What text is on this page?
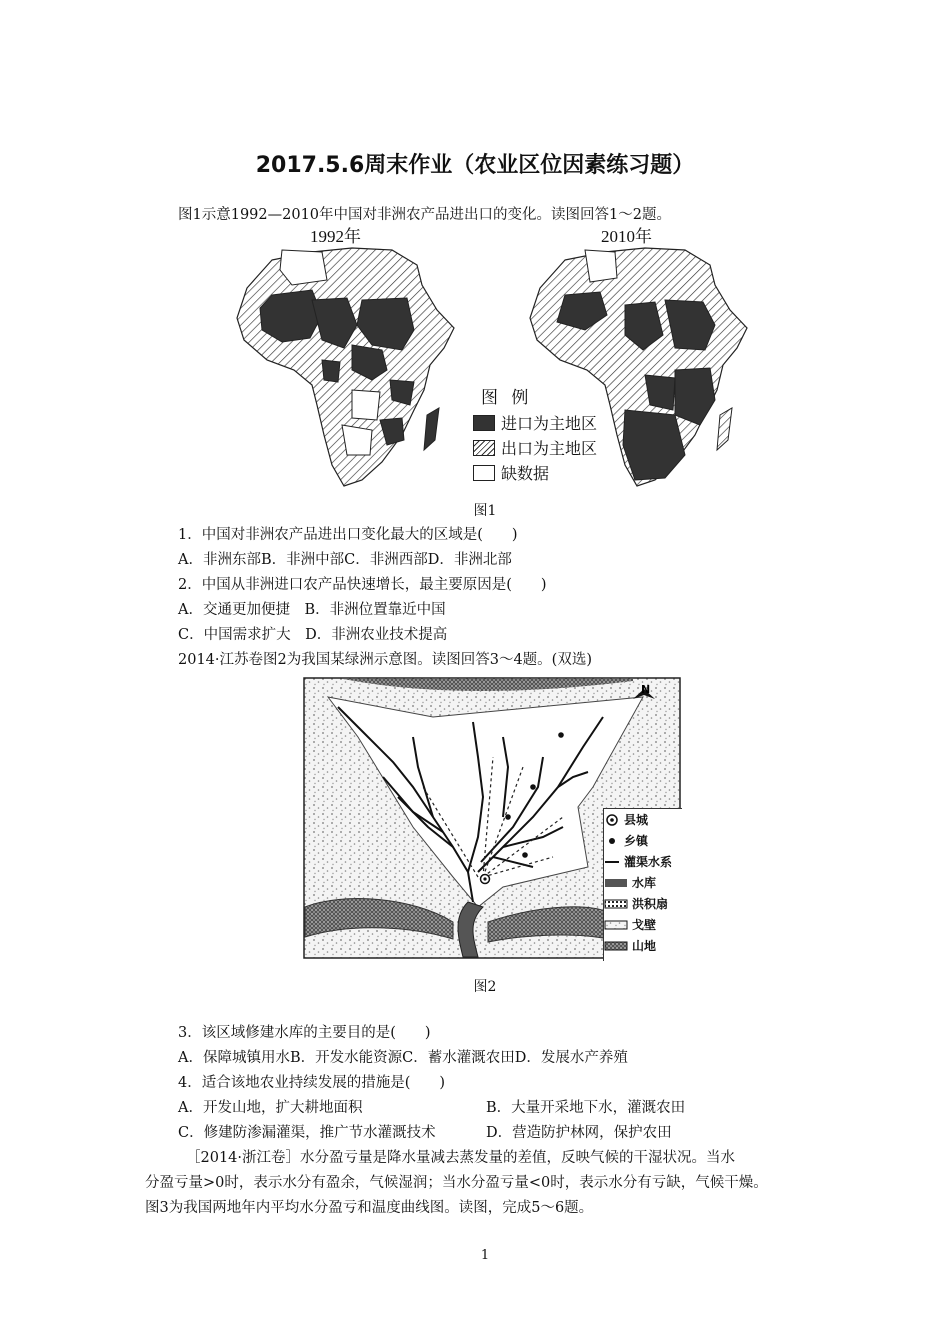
2017.5.6周末作业（农业区位因素练习题）
图1示意1992—2010年中国对非洲农产品进出口的变化。读图回答1～2题。
1992年	2010年
图 例
进口为主地区
出口为主地区
缺数据
图1
1．中国对非洲农产品进出口变化最大的区域是(　　)
A．非洲东部B．非洲中部C．非洲西部D．非洲北部
2．中国从非洲进口农产品快速增长，最主要原因是(　　)
A．交通更加便捷　B．非洲位置靠近中国
C．中国需求扩大　D．非洲农业技术提高
2014·江苏卷图2为我国某绿洲示意图。读图回答3～4题。(双选)
N
县城
乡镇
灌渠水系
水库
洪积扇
戈壁
山地
图2
3．该区域修建水库的主要目的是(　　)
A．保障城镇用水B．开发水能资源C．蓄水灌溉农田D．发展水产养殖
4．适合该地农业持续发展的措施是(　　)
A．开发山地，扩大耕地面积	B．大量开采地下水，灌溉农田
C．修建防渗漏灌渠，推广节水灌溉技术	D．营造防护林网，保护农田
［2014·浙江卷］水分盈亏量是降水量减去蒸发量的差值，反映气候的干湿状况。当水
分盈亏量>0时，表示水分有盈余，气候湿润；当水分盈亏量<0时，表示水分有亏缺，气候干燥。
图3为我国两地年内平均水分盈亏和温度曲线图。读图，完成5～6题。
1
